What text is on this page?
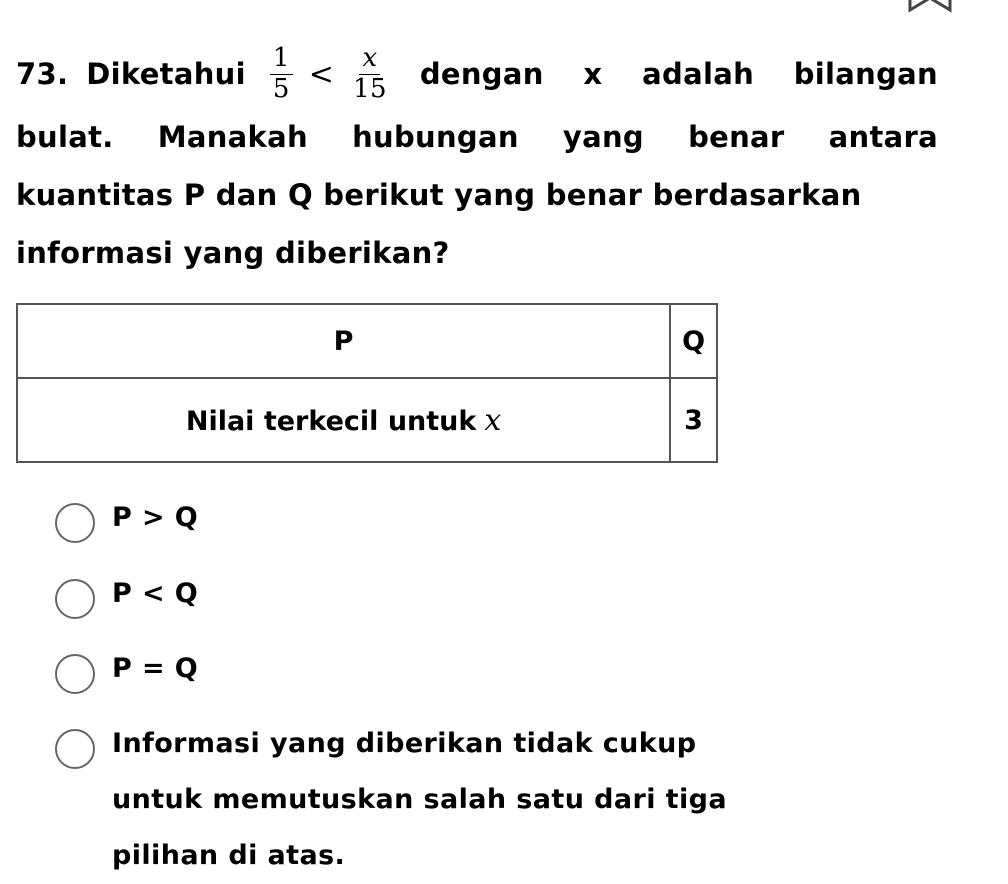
73. Diketahui $\frac{1}{5} < \frac{x}{15}$ dengan x adalah bilangan
bulat. Manakah hubungan yang benar antara
kuantitas P dan Q berikut yang benar berdasarkan
informasi yang diberikan?
P	Q
Nilai terkecil untuk x	3
P > Q
P < Q
P = Q
Informasi yang diberikan tidak cukup
untuk memutuskan salah satu dari tiga
pilihan di atas.
